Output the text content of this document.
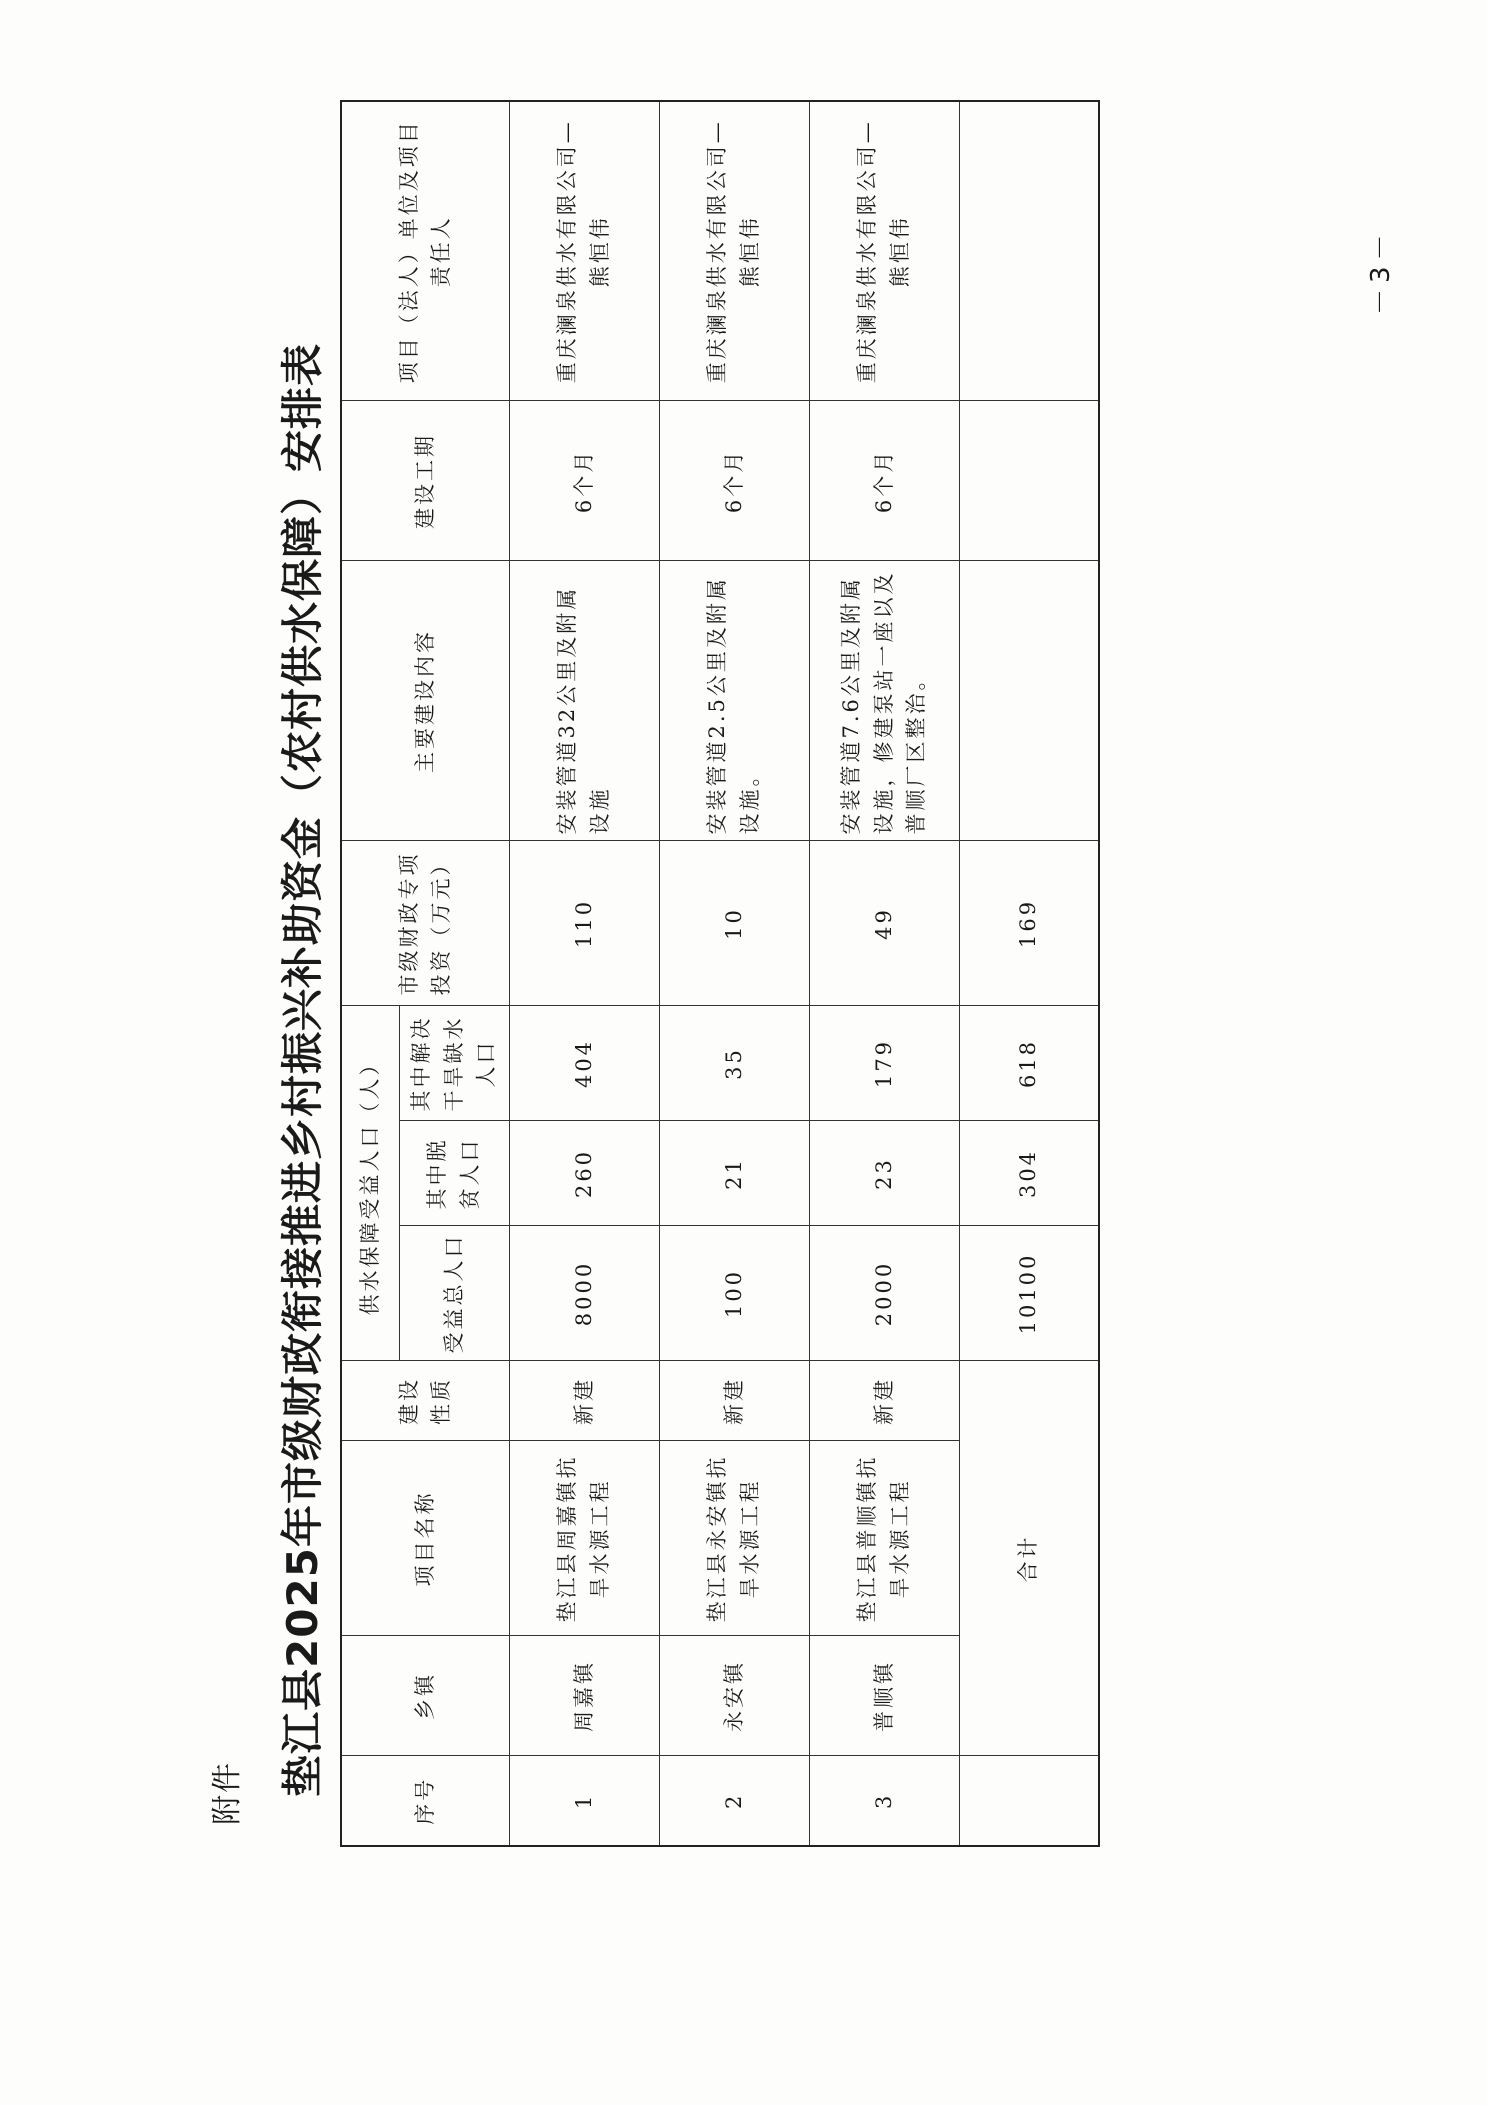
附件 垫江县2025年市级财政衔接推进乡村振兴补助资金（农村供水保障）安排表
序号	乡镇	项目名称	建设性质	供水保障受益人口（人）			市级财政专项投资（万元）	主要建设内容	建设工期	项目（法人）单位及项目责任人
				受益总人口	其中脱贫人口	其中解决干旱缺水人口				
1	周嘉镇	垫江县周嘉镇抗旱水源工程	新建	8000	260	404	110	安装管道32公里及附属设施	6个月	重庆澜泉供水有限公司—熊恒伟
2	永安镇	垫江县永安镇抗旱水源工程	新建	100	21	35	10	安装管道2.5公里及附属设施。	6个月	重庆澜泉供水有限公司—熊恒伟
3	普顺镇	垫江县普顺镇抗旱水源工程	新建	2000	23	179	49	安装管道7.6公里及附属设施，修建泵站一座以及普顺厂区整治。	6个月	重庆澜泉供水有限公司—熊恒伟
	合计			10100	304	618	169			
－3－
